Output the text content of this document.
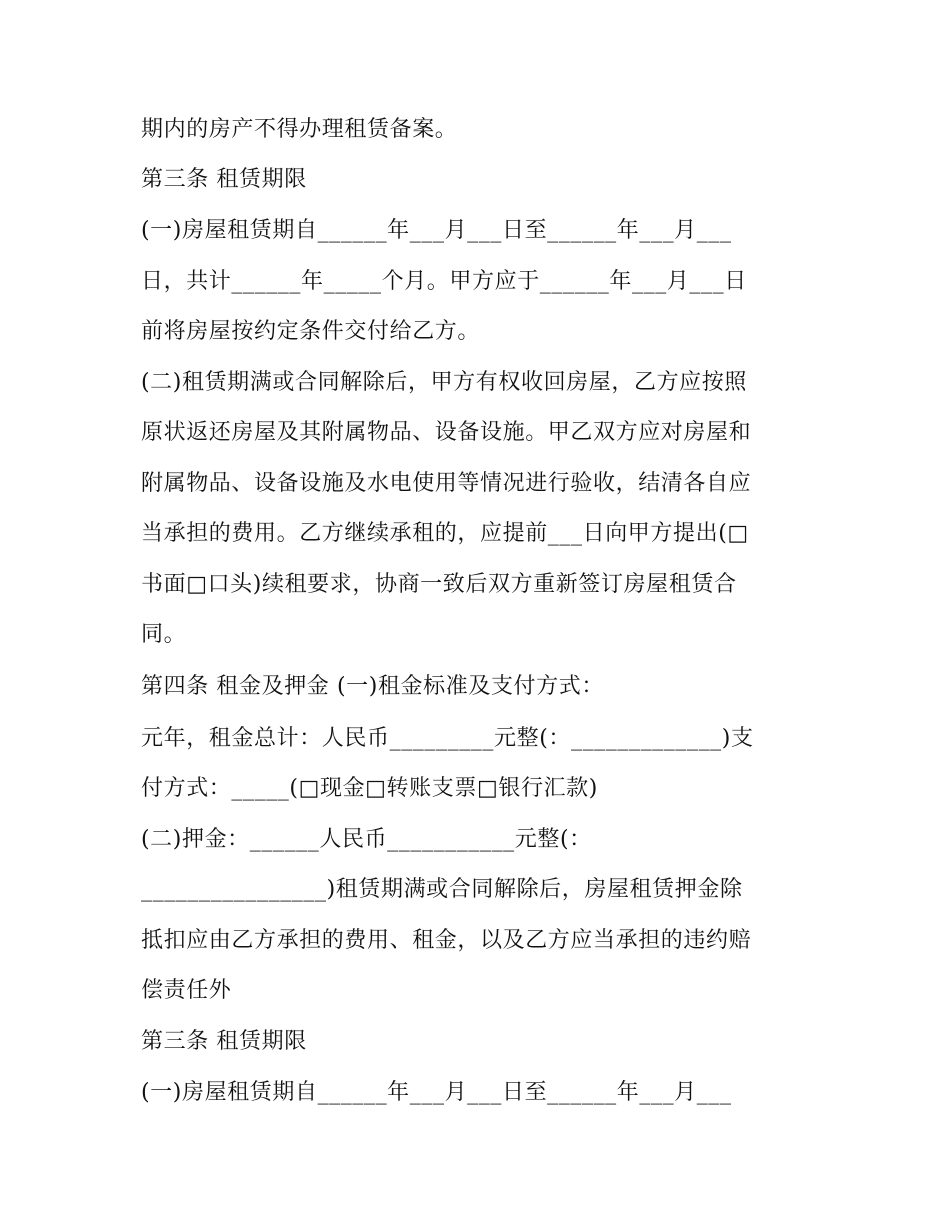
期内的房产不得办理租赁备案。
第三条 租赁期限
(一)房屋租赁期自______年___月___日至______年___月___
日，共计______年_____个月。甲方应于______年___月___日
前将房屋按约定条件交付给乙方。
(二)租赁期满或合同解除后，甲方有权收回房屋，乙方应按照
原状返还房屋及其附属物品、设备设施。甲乙双方应对房屋和
附属物品、设备设施及水电使用等情况进行验收，结清各自应
当承担的费用。乙方继续承租的，应提前___日向甲方提出(□
书面□口头)续租要求，协商一致后双方重新签订房屋租赁合
同。
第四条 租金及押金 (一)租金标准及支付方式：
元年，租金总计：人民币_________元整(：_____________)支
付方式：_____(□现金□转账支票□银行汇款)
(二)押金：______人民币___________元整(：
________________)租赁期满或合同解除后，房屋租赁押金除
抵扣应由乙方承担的费用、租金，以及乙方应当承担的违约赔
偿责任外
第三条 租赁期限
(一)房屋租赁期自______年___月___日至______年___月___
